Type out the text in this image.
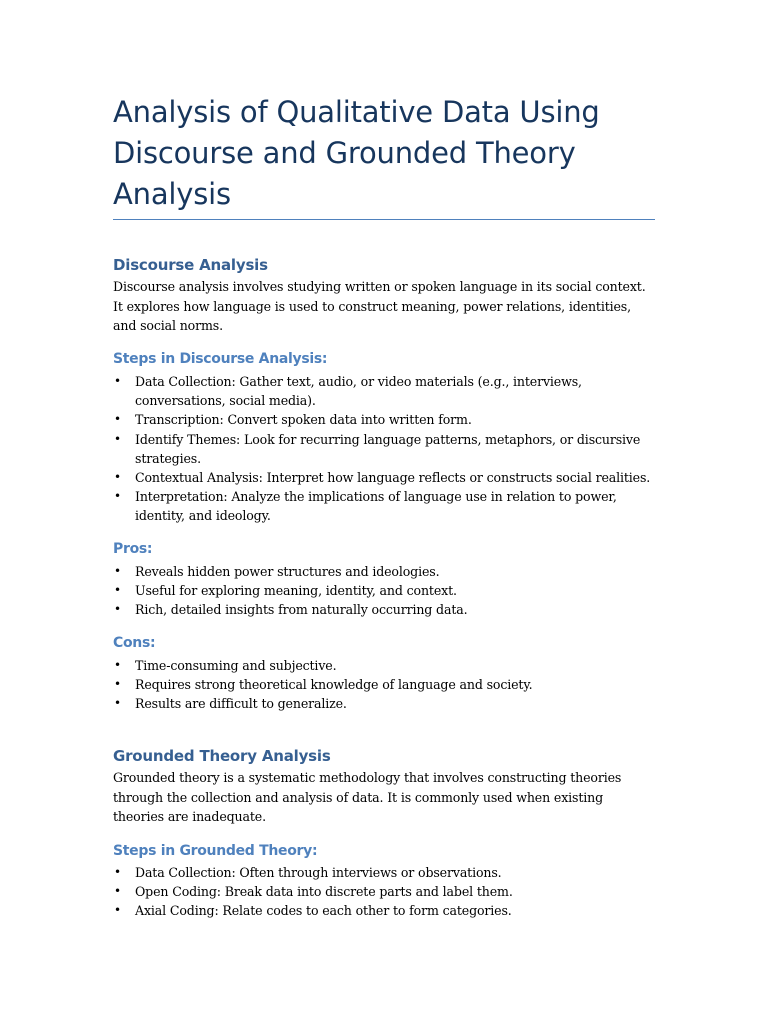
Analysis of Qualitative Data Using Discourse and Grounded Theory Analysis
Discourse Analysis

Discourse analysis involves studying written or spoken language in its social context. It explores how language is used to construct meaning, power relations, identities, and social norms.

Steps in Discourse Analysis:
• Data Collection: Gather text, audio, or video materials (e.g., interviews, conversations, social media).
• Transcription: Convert spoken data into written form.
• Identify Themes: Look for recurring language patterns, metaphors, or discursive strategies.
• Contextual Analysis: Interpret how language reflects or constructs social realities.
• Interpretation: Analyze the implications of language use in relation to power, identity, and ideology.
Pros:
• Reveals hidden power structures and ideologies.
• Useful for exploring meaning, identity, and context.
• Rich, detailed insights from naturally occurring data.
Cons:
• Time-consuming and subjective.
• Requires strong theoretical knowledge of language and society.
• Results are difficult to generalize.
Grounded Theory Analysis

Grounded theory is a systematic methodology that involves constructing theories through the collection and analysis of data. It is commonly used when existing theories are inadequate.

Steps in Grounded Theory:
• Data Collection: Often through interviews or observations.
• Open Coding: Break data into discrete parts and label them.
• Axial Coding: Relate codes to each other to form categories.
